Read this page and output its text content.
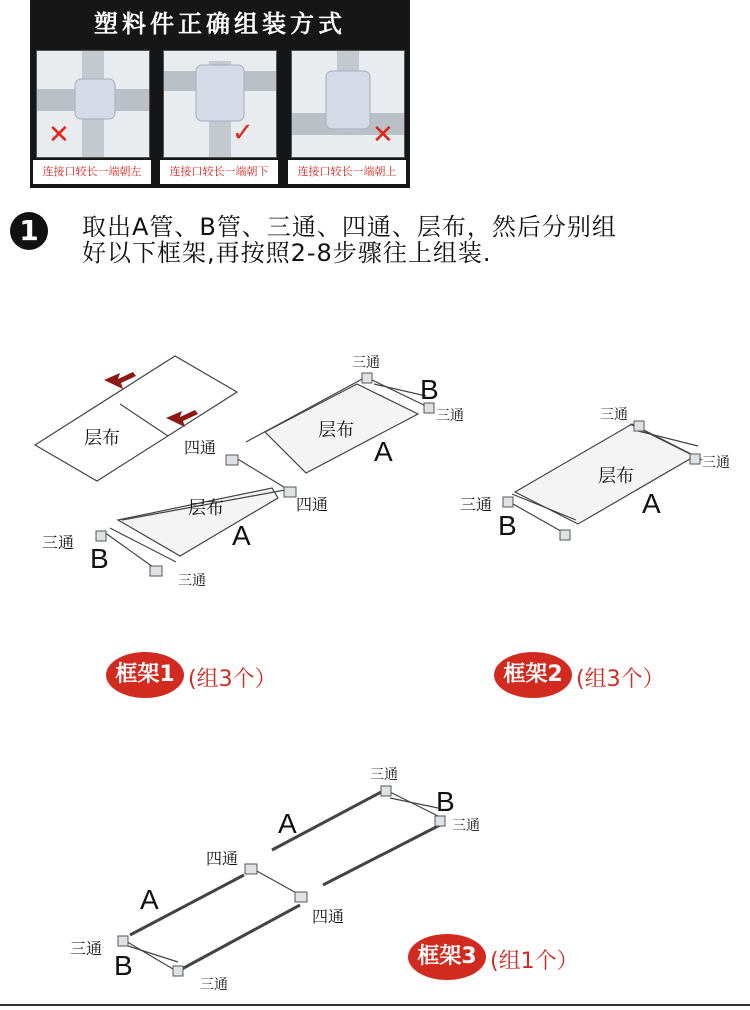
塑料件正确组装方式
✕	✓	✕
连接口较长一端朝左	连接口较长一端朝下	连接口较长一端朝上
1	取出A管、B管、三通、四通、层布，然后分别组
好以下框架,再按照2-8步骤往上组装.
层布
层布
层布
三通
B
三通
四通	A
四通
A
三通
B
三通
三通
三通
层布
三通
B
A
框架1 (组3个）	框架2 (组3个）
三通
B
三通
A
四通
A
四通
三通
B
三通
框架3 (组1个）
